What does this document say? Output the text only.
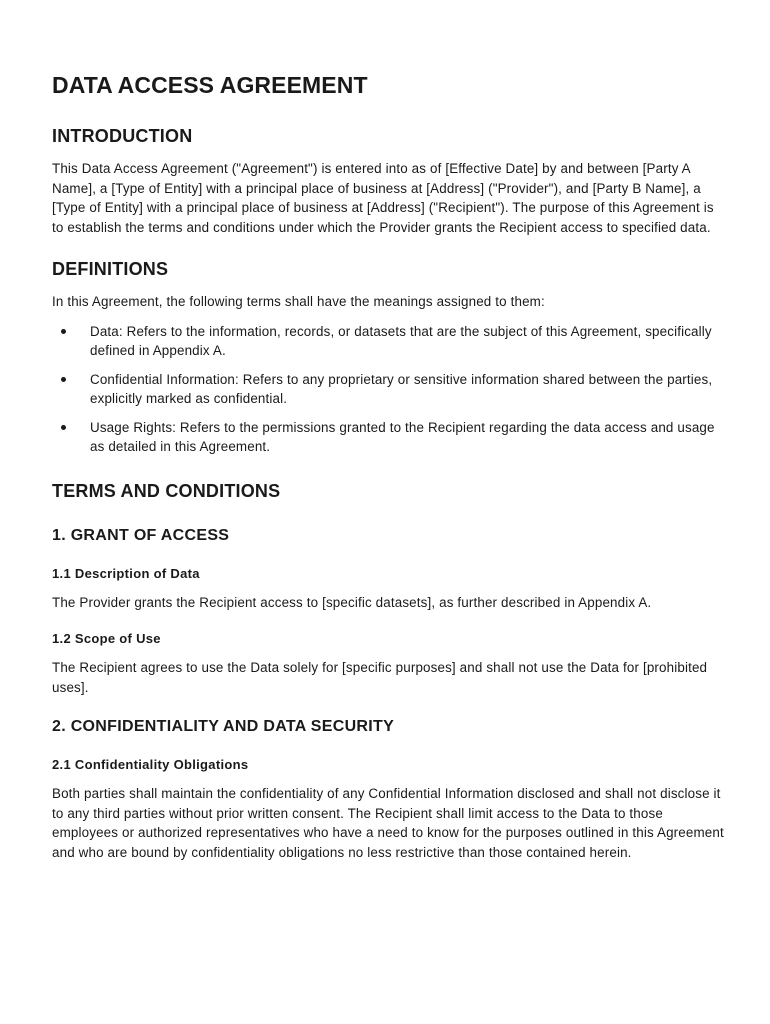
DATA ACCESS AGREEMENT
INTRODUCTION

This Data Access Agreement ("Agreement") is entered into as of [Effective Date] by and between [Party A Name], a [Type of Entity] with a principal place of business at [Address] ("Provider"), and [Party B Name], a [Type of Entity] with a principal place of business at [Address] ("Recipient"). The purpose of this Agreement is to establish the terms and conditions under which the Provider grants the Recipient access to specified data.

DEFINITIONS

In this Agreement, the following terms shall have the meanings assigned to them:

Data: Refers to the information, records, or datasets that are the subject of this Agreement, specifically defined in Appendix A.
Confidential Information: Refers to any proprietary or sensitive information shared between the parties, explicitly marked as confidential.
Usage Rights: Refers to the permissions granted to the Recipient regarding the data access and usage as detailed in this Agreement.
TERMS AND CONDITIONS
1. GRANT OF ACCESS
1.1 Description of Data

The Provider grants the Recipient access to [specific datasets], as further described in Appendix A.

1.2 Scope of Use

The Recipient agrees to use the Data solely for [specific purposes] and shall not use the Data for [prohibited uses].

2. CONFIDENTIALITY AND DATA SECURITY
2.1 Confidentiality Obligations

Both parties shall maintain the confidentiality of any Confidential Information disclosed and shall not disclose it to any third parties without prior written consent. The Recipient shall limit access to the Data to those employees or authorized representatives who have a need to know for the purposes outlined in this Agreement and who are bound by confidentiality obligations no less restrictive than those contained herein.
